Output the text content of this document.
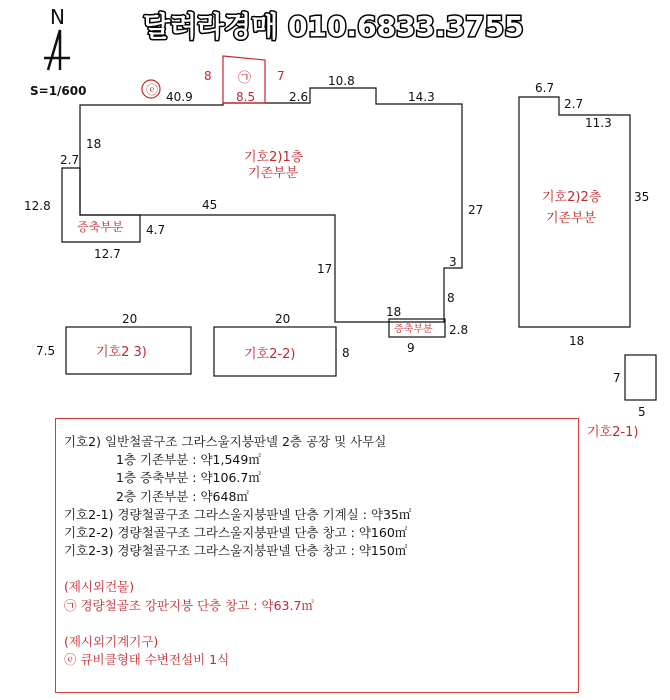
달려라경매 010.6833.3755
N
S=1/600	ⓔ 40.9
18
2.7
12.8	45
4.7
12.7
17
27
3
8
18
9
2.8
2.6
10.8
14.3
8	7
8.5
㉠
6.7
2.7
11.3
35
18
20
7.5
20
8
7
5
기호2)1층
기존부분
증축부분
증축부분
기호2)2층
기존부분
기호2 3)	기호2-2)
기호2-1)
기호2) 일반철골구조 그라스울지붕판넬 2층 공장 및 사무실
1층 기존부분 : 약1,549㎡
1층 증축부분 : 약106.7㎡
2층 기존부분 : 약648㎡
기호2-1) 경량철골구조 그라스울지붕판넬 단층 기계실 : 약35㎡
기호2-2) 경량철골구조 그라스울지붕판넬 단층 창고 : 약160㎡
기호2-3) 경량철골구조 그라스울지붕판넬 단층 창고 : 약150㎡
(제시외건물)
㉠ 경량철골조 강판지붕 단층 창고 : 약63.7㎡
(제시외기계기구)
ⓔ 큐비클형태 수변전설비 1식
